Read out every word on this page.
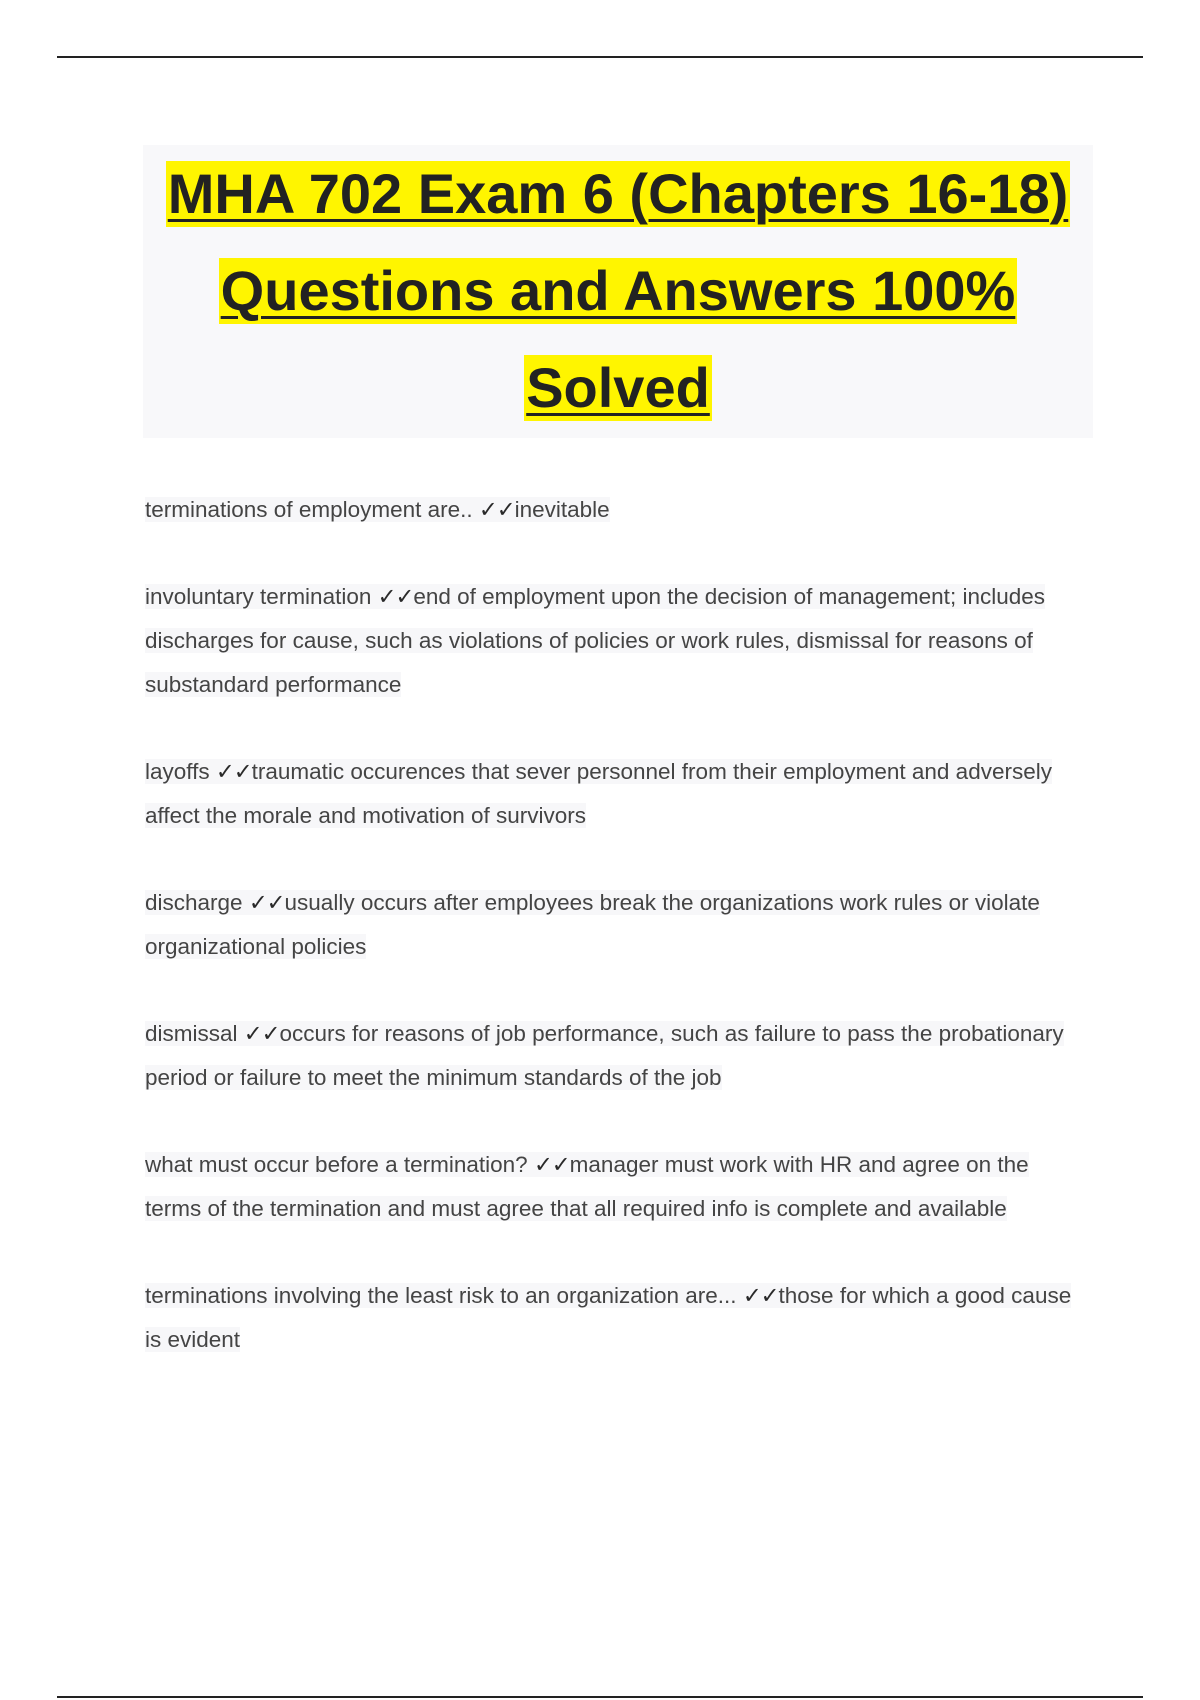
MHA 702 Exam 6 (Chapters 16-18)
Questions and Answers 100%
Solved
terminations of employment are.. ✓✓inevitable
involuntary termination ✓✓end of employment upon the decision of management; includes discharges for cause, such as violations of policies or work rules, dismissal for reasons of substandard performance
layoffs ✓✓traumatic occurences that sever personnel from their employment and adversely affect the morale and motivation of survivors
discharge ✓✓usually occurs after employees break the organizations work rules or violate organizational policies
dismissal ✓✓occurs for reasons of job performance, such as failure to pass the probationary period or failure to meet the minimum standards of the job
what must occur before a termination? ✓✓manager must work with HR and agree on the terms of the termination and must agree that all required info is complete and available
terminations involving the least risk to an organization are... ✓✓those for which a good cause is evident
